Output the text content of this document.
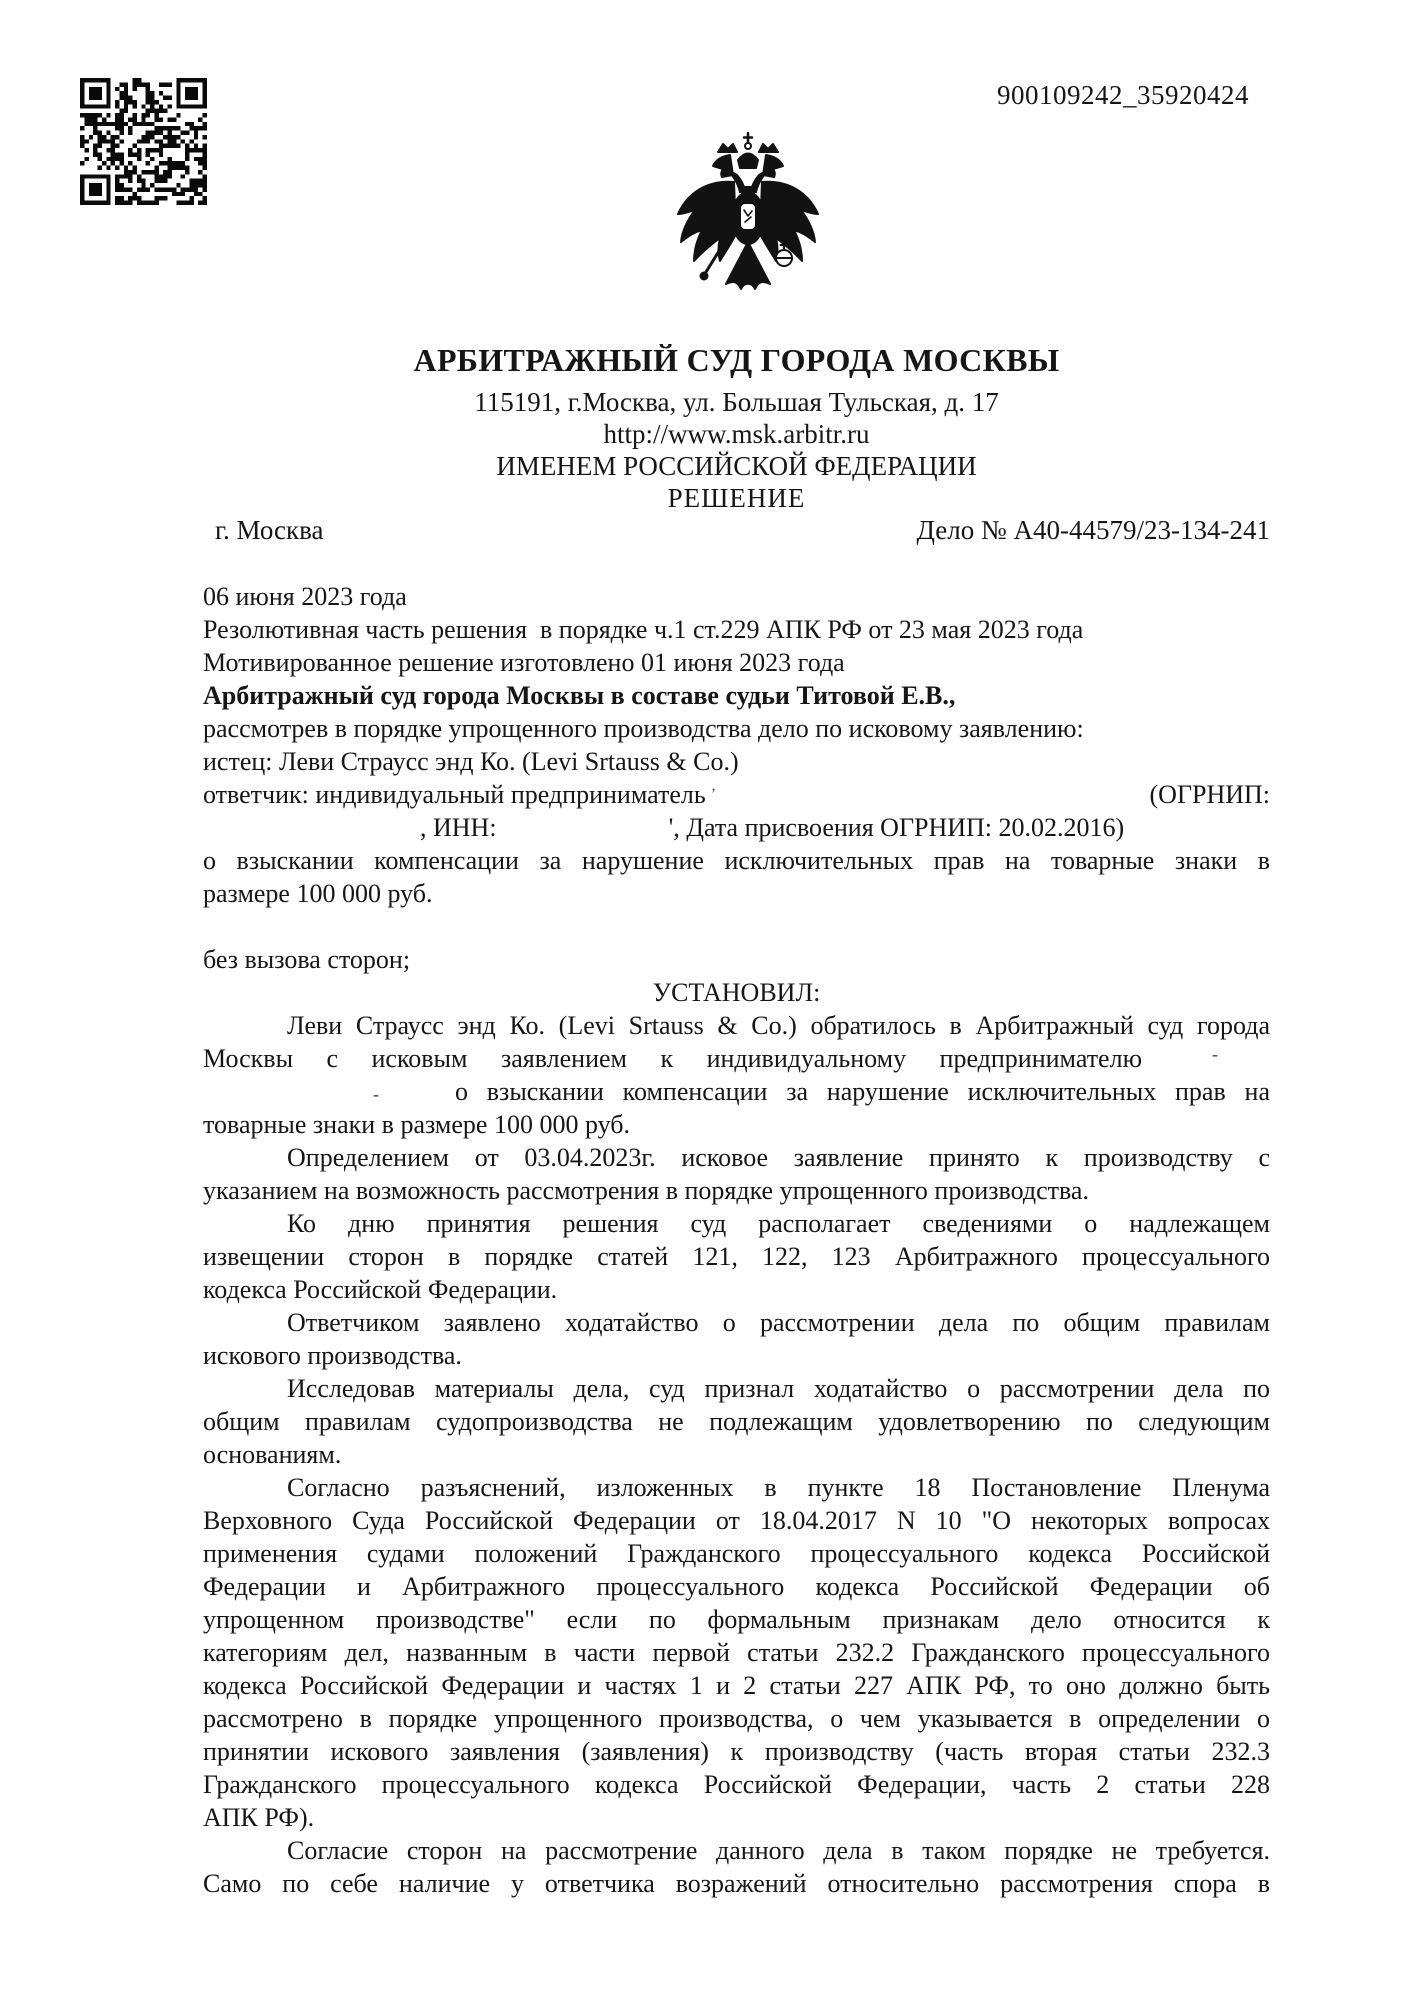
900109242_35920424
АРБИТРАЖНЫЙ СУД ГОРОДА МОСКВЫ
115191, г.Москва, ул. Большая Тульская, д. 17
http://www.msk.arbitr.ru
ИМЕНЕМ РОССИЙСКОЙ ФЕДЕРАЦИИ
РЕШЕНИЕ
г. Москва	Дело № А40-44579/23-134-241
06 июня 2023 года
Резолютивная часть решения  в порядке ч.1 ст.229 АПК РФ от 23 мая 2023 года
Мотивированное решение изготовлено 01 июня 2023 года
Арбитражный суд города Москвы в составе судьи Титовой Е.В.,
рассмотрев в порядке упрощенного производства дело по исковому заявлению:
истец: Леви Страусс энд Ко. (Levi Srtauss & Co.)
ответчик: индивидуальный предприниматель $^ʼ$	(ОГРНИП:
, ИНН:	', Дата присвоения ОГРНИП: 20.02.2016)
о взыскании компенсации за нарушение исключительных прав на товарные знаки в
размере 100 000 руб.
без вызова сторон;
УСТАНОВИЛ:
Леви Страусс энд Ко. (Levi Srtauss & Co.) обратилось в Арбитражный суд города
-
Москвы с исковым заявлением к индивидуальному предпринимателю
-	о взыскании компенсации за нарушение исключительных прав на
товарные знаки в размере 100 000 руб.
Определением от 03.04.2023г. исковое заявление принято к производству с
указанием на возможность рассмотрения в порядке упрощенного производства.
Ко дню принятия решения суд располагает сведениями о надлежащем
извещении сторон в порядке статей 121, 122, 123 Арбитражного процессуального
кодекса Российской Федерации.
Ответчиком заявлено ходатайство о рассмотрении дела по общим правилам
искового производства.
Исследовав материалы дела, суд признал ходатайство о рассмотрении дела по
общим правилам судопроизводства не подлежащим удовлетворению по следующим
основаниям.
Согласно разъяснений, изложенных в пункте 18 Постановление Пленума
Верховного Суда Российской Федерации от 18.04.2017 N 10 "О некоторых вопросах
применения судами положений Гражданского процессуального кодекса Российской
Федерации и Арбитражного процессуального кодекса Российской Федерации об
упрощенном производстве" если по формальным признакам дело относится к
категориям дел, названным в части первой статьи 232.2 Гражданского процессуального
кодекса Российской Федерации и частях 1 и 2 статьи 227 АПК РФ, то оно должно быть
рассмотрено в порядке упрощенного производства, о чем указывается в определении о
принятии искового заявления (заявления) к производству (часть вторая статьи 232.3
Гражданского процессуального кодекса Российской Федерации, часть 2 статьи 228
АПК РФ).
Согласие сторон на рассмотрение данного дела в таком порядке не требуется.
Само по себе наличие у ответчика возражений относительно рассмотрения спора в
